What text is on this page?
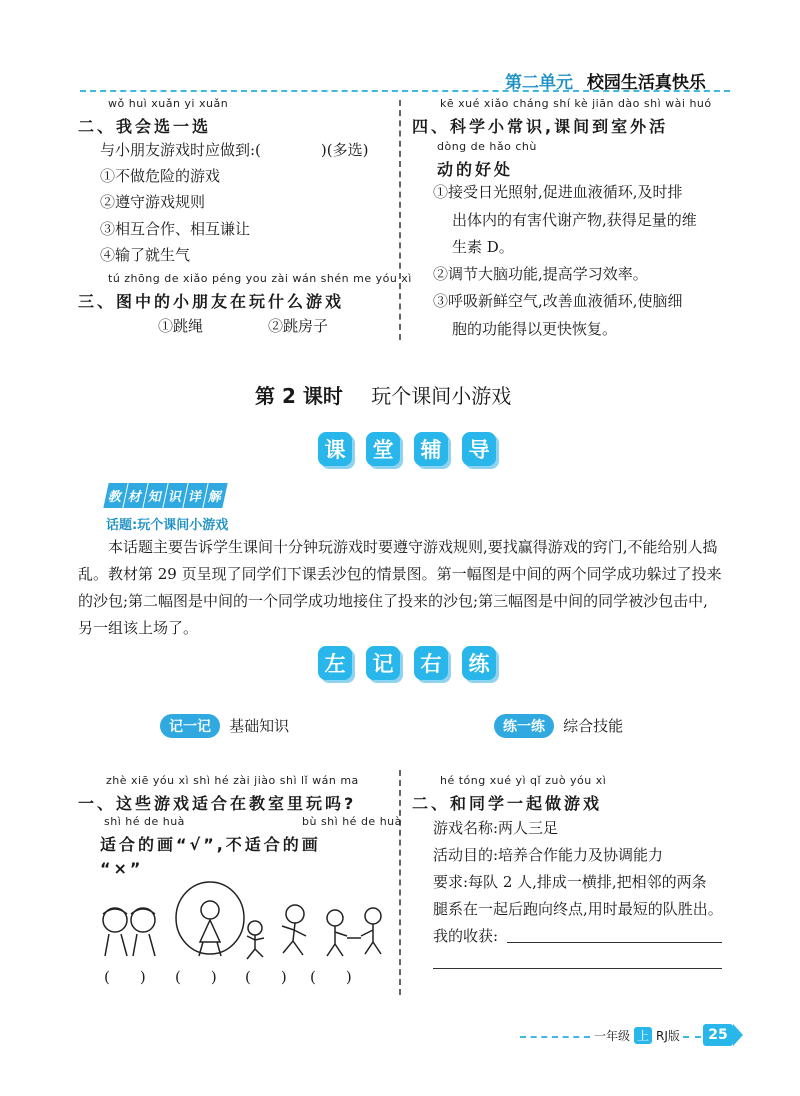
第二单元 校园生活真快乐
wǒ huì xuǎn yi xuǎn
二、我会选一选
与小朋友游戏时应做到:(　　　　)(多选)
①不做危险的游戏
②遵守游戏规则
③相互合作、相互谦让
④输了就生气
tú zhōng de xiǎo péng you zài wán shén me yóu xì
三、图中的小朋友在玩什么游戏
①跳绳	②跳房子
kē xué xiǎo cháng shí kè jiān dào shì wài huó
四、科学小常识,课间到室外活
dòng de hǎo chù
动的好处
①接受日光照射,促进血液循环,及时排
出体内的有害代谢产物,获得足量的维
生素 D。
②调节大脑功能,提高学习效率。
③呼吸新鲜空气,改善血液循环,使脑细
胞的功能得以更快恢复。
第 2 课时 玩个课间小游戏
课	堂	辅	导
教 材 知 识 详 解
话题:玩个课间小游戏
本话题主要告诉学生课间十分钟玩游戏时要遵守游戏规则,要找赢得游戏的窍门,不能给别人捣乱。 教材第 29 页呈现了同学们下课丢沙包的情景图。第一幅图是中间的两个同学成功躲过了投来的沙包;第二幅图是中间的一个同学成功地接住了投来的沙包;第三幅图是中间的同学被沙包击中,另一组该上场了。
左	记	右	练
记一记 基础知识	练一练 综合技能
zhè xiē yóu xì shì hé zài jiào shì lǐ wán ma
一、这些游戏适合在教室里玩吗?
shì hé de huà	bù shì hé de huà
适合的画“√”,不适合的画
“×”
(　　) (　　) (　　) (　　)
hé tóng xué yì qǐ zuò yóu xì
二、和同学一起做游戏
游戏名称:两人三足
活动目的:培养合作能力及协调能力
要求:每队 2 人,排成一横排,把相邻的两条
腿系在一起后跑向终点,用时最短的队胜出。
我的收获:
一年级 上 RJ版 25
